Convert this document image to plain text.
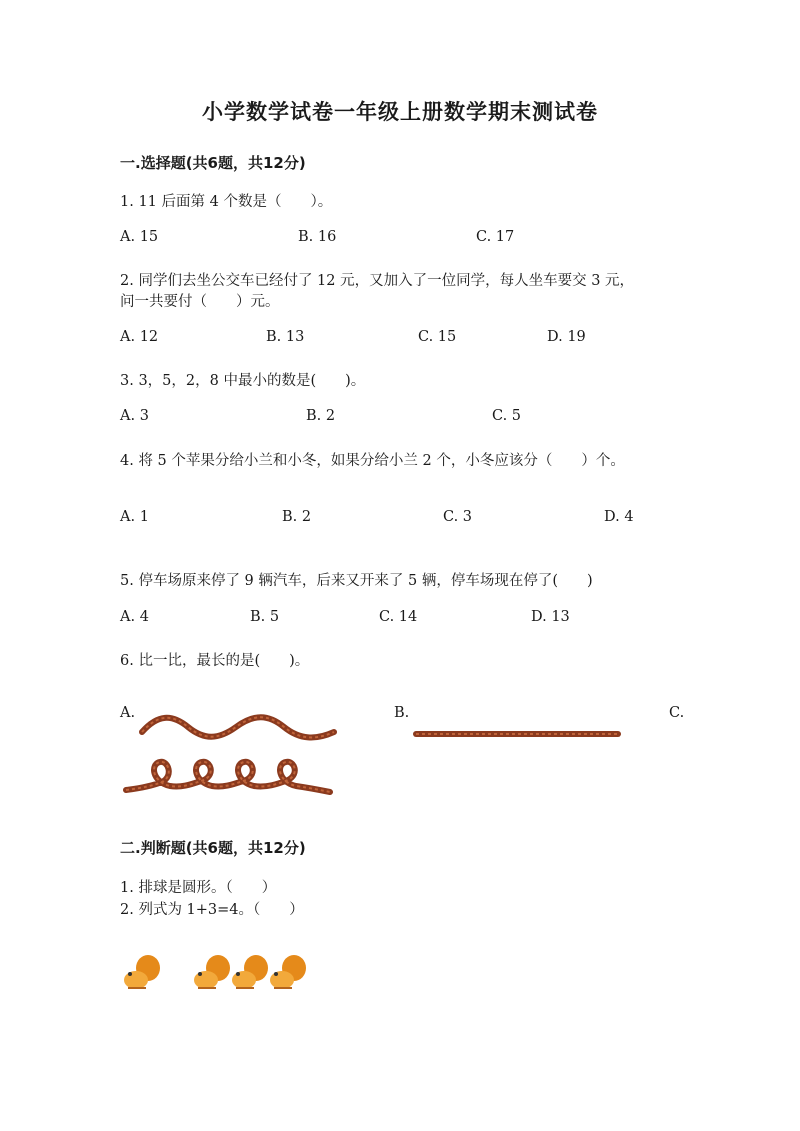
小学数学试卷一年级上册数学期末测试卷
一.选择题(共6题，共12分)
1. 11 后面第 4 个数是（　　）。
A. 15	B. 16	C. 17
2. 同学们去坐公交车已经付了 12 元，又加入了一位同学，每人坐车要交 3 元，
问一共要付（　　）元。
A. 12	B. 13	C. 15	D. 19
3. 3，5，2，8 中最小的数是(　　)。
A. 3	B. 2	C. 5
4. 将 5 个苹果分给小兰和小冬，如果分给小兰 2 个，小冬应该分（　　）个。
A. 1	B. 2	C. 3	D. 4
5. 停车场原来停了 9 辆汽车，后来又开来了 5 辆，停车场现在停了(　　)
A. 4	B. 5	C. 14	D. 13
6. 比一比，最长的是(　　)。
A.	B.	C.
二.判断题(共6题，共12分)
1. 排球是圆形。（　　）
2. 列式为 1+3=4。（　　）
